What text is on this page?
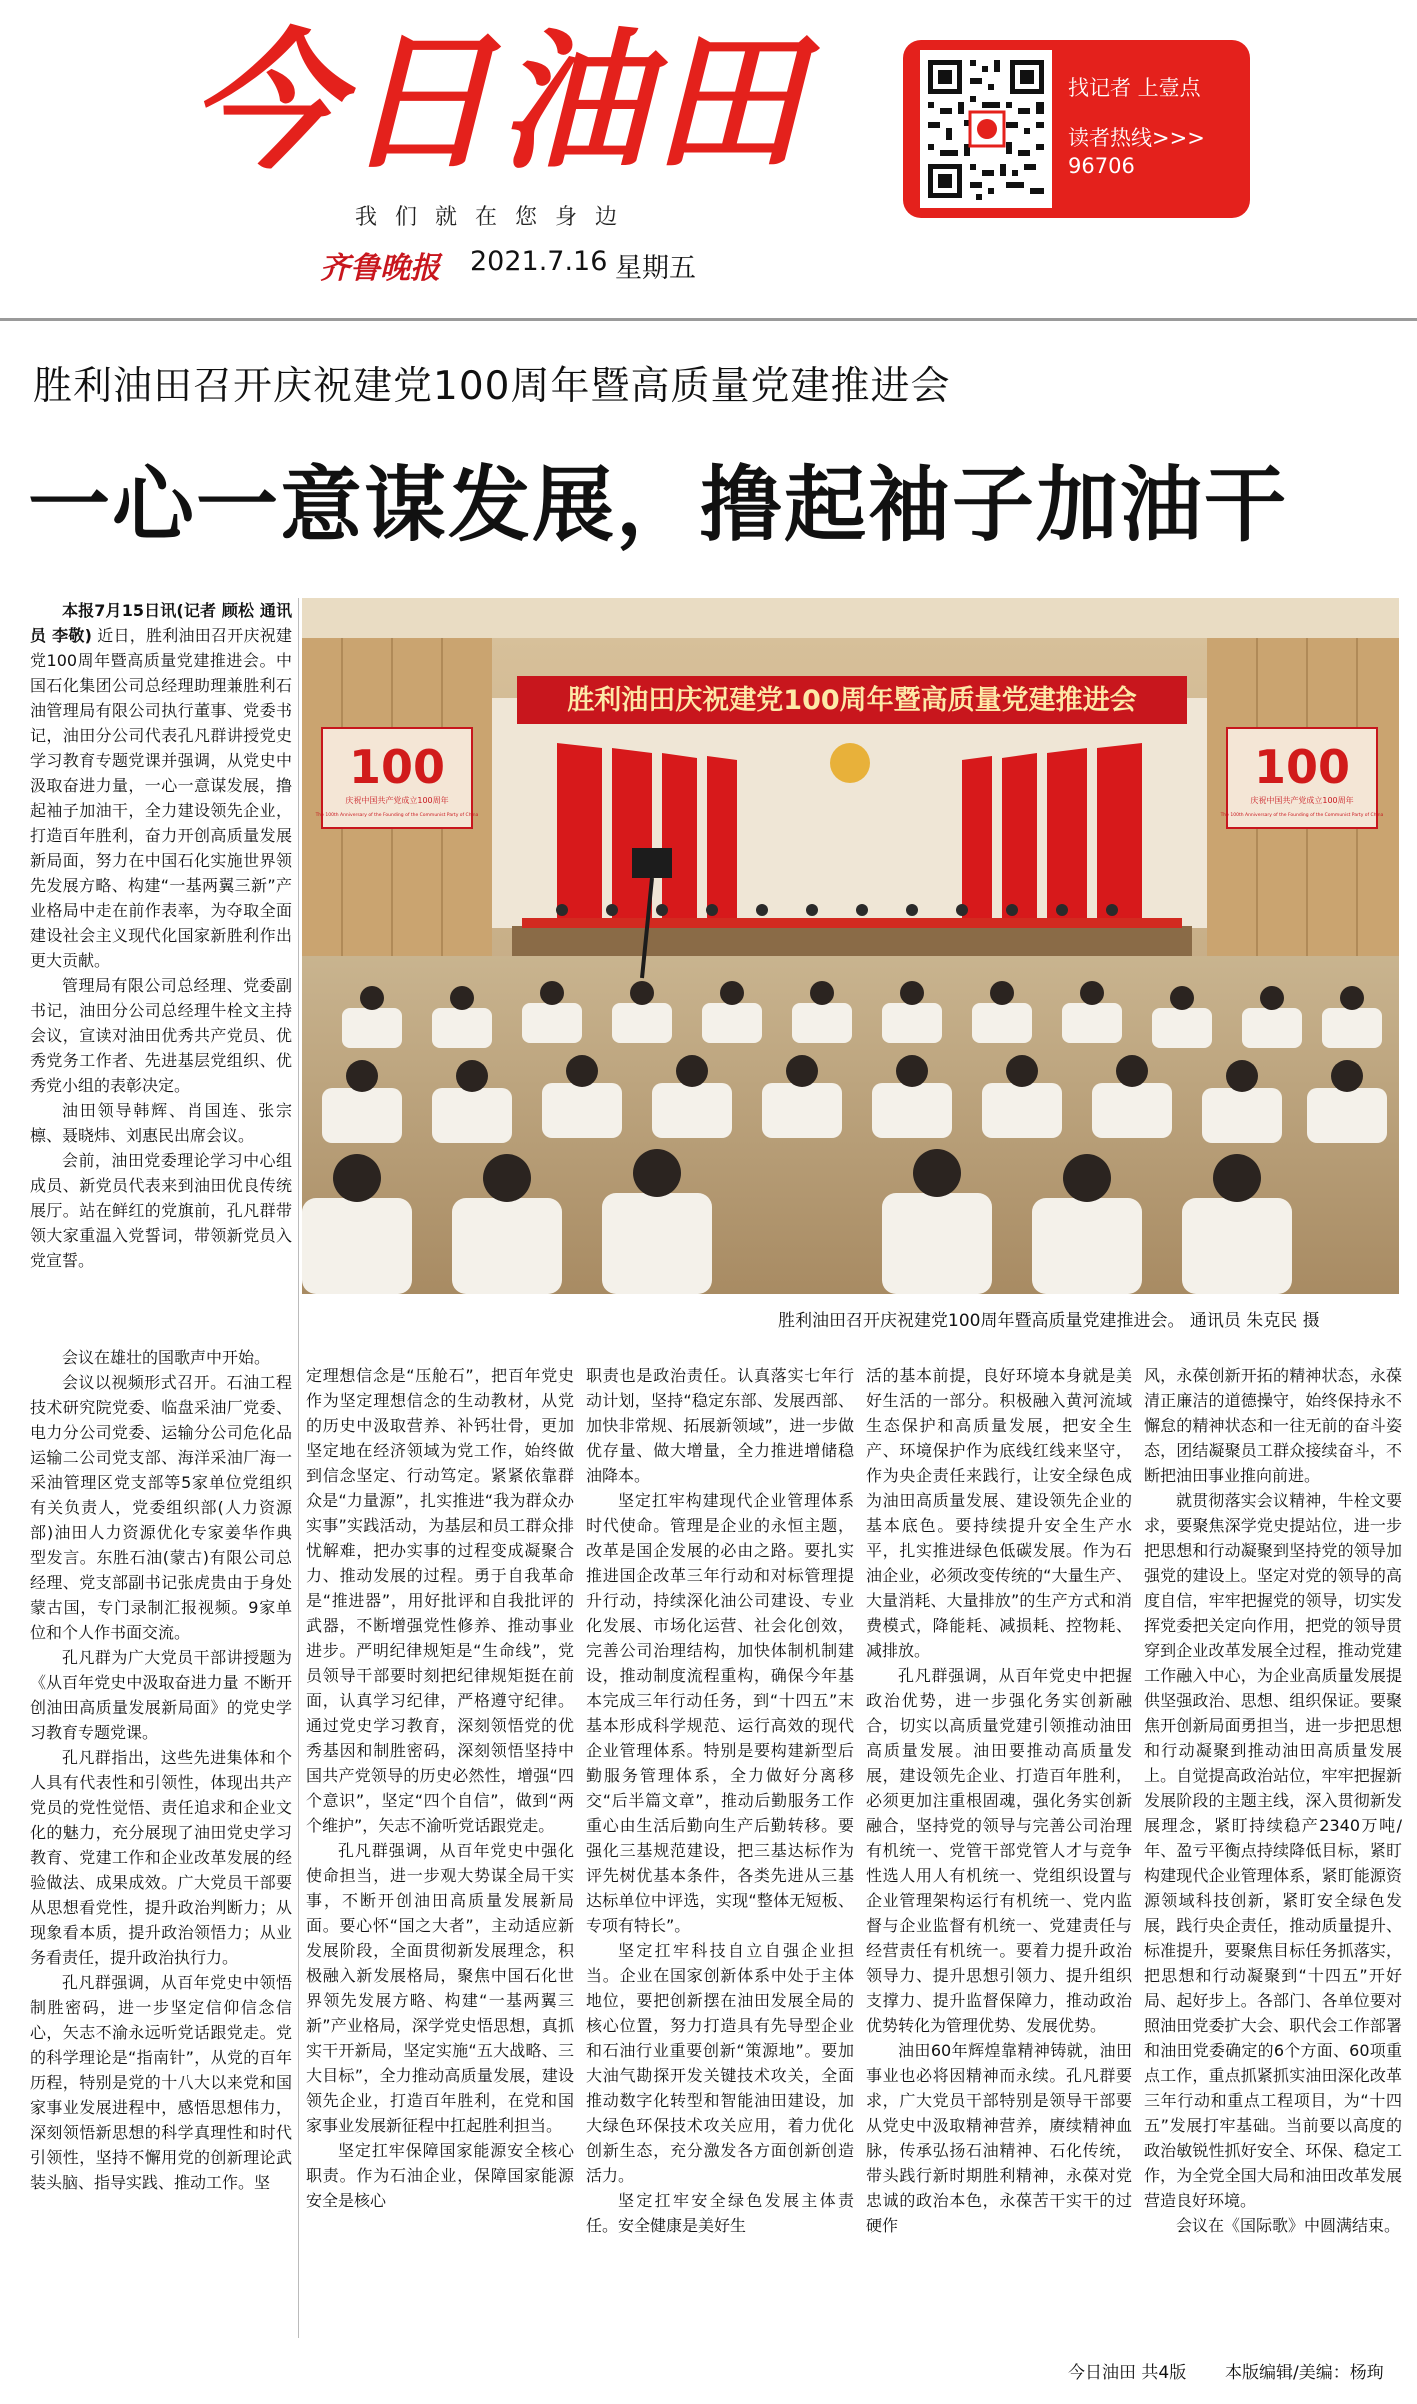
今日油田
我们就在您身边
齐鲁晚报 2021.7.16 星期五
找记者 上壹点
读者热线>>>
96706
胜利油田召开庆祝建党100周年暨高质量党建推进会
一心一意谋发展，撸起袖子加油干
100
庆祝中国共产党成立100周年
The 100th Anniversary of the Founding of the Communist Party of China
100
庆祝中国共产党成立100周年
The 100th Anniversary of the Founding of the Communist Party of China
胜利油田庆祝建党100周年暨高质量党建推进会
胜利油田召开庆祝建党100周年暨高质量党建推进会。 通讯员 朱克民 摄

本报7月15日讯(记者 顾松 通讯员 李敬) 近日，胜利油田召开庆祝建党100周年暨高质量党建推进会。中国石化集团公司总经理助理兼胜利石油管理局有限公司执行董事、党委书记，油田分公司代表孔凡群讲授党史学习教育专题党课并强调，从党史中汲取奋进力量，一心一意谋发展，撸起袖子加油干，全力建设领先企业，打造百年胜利，奋力开创高质量发展新局面，努力在中国石化实施世界领先发展方略、构建“一基两翼三新”产业格局中走在前作表率，为夺取全面建设社会主义现代化国家新胜利作出更大贡献。

管理局有限公司总经理、党委副书记，油田分公司总经理牛栓文主持会议，宣读对油田优秀共产党员、优秀党务工作者、先进基层党组织、优秀党小组的表彰决定。

油田领导韩辉、肖国连、张宗檩、聂晓炜、刘惠民出席会议。

会前，油田党委理论学习中心组成员、新党员代表来到油田优良传统展厅。站在鲜红的党旗前，孔凡群带领大家重温入党誓词，带领新党员入党宣誓。

会议在雄壮的国歌声中开始。

会议以视频形式召开。石油工程技术研究院党委、临盘采油厂党委、电力分公司党委、运输分公司危化品运输二公司党支部、海洋采油厂海一采油管理区党支部等5家单位党组织有关负责人，党委组织部(人力资源部)油田人力资源优化专家姜华作典型发言。东胜石油(蒙古)有限公司总经理、党支部副书记张虎贵由于身处蒙古国，专门录制汇报视频。9家单位和个人作书面交流。

孔凡群为广大党员干部讲授题为《从百年党史中汲取奋进力量 不断开创油田高质量发展新局面》的党史学习教育专题党课。

孔凡群指出，这些先进集体和个人具有代表性和引领性，体现出共产党员的党性觉悟、责任追求和企业文化的魅力，充分展现了油田党史学习教育、党建工作和企业改革发展的经验做法、成果成效。广大党员干部要从思想看党性，提升政治判断力；从现象看本质，提升政治领悟力；从业务看责任，提升政治执行力。

孔凡群强调，从百年党史中领悟制胜密码，进一步坚定信仰信念信心，矢志不渝永远听党话跟党走。党的科学理论是“指南针”，从党的百年历程，特别是党的十八大以来党和国家事业发展进程中，感悟思想伟力，深刻领悟新思想的科学真理性和时代引领性，坚持不懈用党的创新理论武装头脑、指导实践、推动工作。坚

定理想信念是“压舱石”，把百年党史作为坚定理想信念的生动教材，从党的历史中汲取营养、补钙壮骨，更加坚定地在经济领域为党工作，始终做到信念坚定、行动笃定。紧紧依靠群众是“力量源”，扎实推进“我为群众办实事”实践活动，为基层和员工群众排忧解难，把办实事的过程变成凝聚合力、推动发展的过程。勇于自我革命是“推进器”，用好批评和自我批评的武器，不断增强党性修养、推动事业进步。严明纪律规矩是“生命线”，党员领导干部要时刻把纪律规矩挺在前面，认真学习纪律，严格遵守纪律。通过党史学习教育，深刻领悟党的优秀基因和制胜密码，深刻领悟坚持中国共产党领导的历史必然性，增强“四个意识”，坚定“四个自信”，做到“两个维护”，矢志不渝听党话跟党走。

孔凡群强调，从百年党史中强化使命担当，进一步观大势谋全局干实事，不断开创油田高质量发展新局面。要心怀“国之大者”，主动适应新发展阶段，全面贯彻新发展理念，积极融入新发展格局，聚焦中国石化世界领先发展方略、构建“一基两翼三新”产业格局，深学党史悟思想，真抓实干开新局，坚定实施“五大战略、三大目标”，全力推动高质量发展，建设领先企业，打造百年胜利，在党和国家事业发展新征程中扛起胜利担当。

坚定扛牢保障国家能源安全核心职责。作为石油企业，保障国家能源安全是核心

职责也是政治责任。认真落实七年行动计划，坚持“稳定东部、发展西部、加快非常规、拓展新领域”，进一步做优存量、做大增量，全力推进增储稳油降本。

坚定扛牢构建现代企业管理体系时代使命。管理是企业的永恒主题，改革是国企发展的必由之路。要扎实推进国企改革三年行动和对标管理提升行动，持续深化油公司建设、专业化发展、市场化运营、社会化创效，完善公司治理结构，加快体制机制建设，推动制度流程重构，确保今年基本完成三年行动任务，到“十四五”末基本形成科学规范、运行高效的现代企业管理体系。特别是要构建新型后勤服务管理体系，全力做好分离移交“后半篇文章”，推动后勤服务工作重心由生活后勤向生产后勤转移。要强化三基规范建设，把三基达标作为评先树优基本条件，各类先进从三基达标单位中评选，实现“整体无短板、专项有特长”。

坚定扛牢科技自立自强企业担当。企业在国家创新体系中处于主体地位，要把创新摆在油田发展全局的核心位置，努力打造具有先导型企业和石油行业重要创新“策源地”。要加大油气勘探开发关键技术攻关，全面推动数字化转型和智能油田建设，加大绿色环保技术攻关应用，着力优化创新生态，充分激发各方面创新创造活力。

坚定扛牢安全绿色发展主体责任。安全健康是美好生

活的基本前提，良好环境本身就是美好生活的一部分。积极融入黄河流域生态保护和高质量发展，把安全生产、环境保护作为底线红线来坚守，作为央企责任来践行，让安全绿色成为油田高质量发展、建设领先企业的基本底色。要持续提升安全生产水平，扎实推进绿色低碳发展。作为石油企业，必须改变传统的“大量生产、大量消耗、大量排放”的生产方式和消费模式，降能耗、减损耗、控物耗、减排放。

孔凡群强调，从百年党史中把握政治优势，进一步强化务实创新融合，切实以高质量党建引领推动油田高质量发展。油田要推动高质量发展，建设领先企业、打造百年胜利，必须更加注重根固魂，强化务实创新融合，坚持党的领导与完善公司治理有机统一、党管干部党管人才与竞争性选人用人有机统一、党组织设置与企业管理架构运行有机统一、党内监督与企业监督有机统一、党建责任与经营责任有机统一。要着力提升政治领导力、提升思想引领力、提升组织支撑力、提升监督保障力，推动政治优势转化为管理优势、发展优势。

油田60年辉煌靠精神铸就，油田事业也必将因精神而永续。孔凡群要求，广大党员干部特别是领导干部要从党史中汲取精神营养，赓续精神血脉，传承弘扬石油精神、石化传统，带头践行新时期胜利精神，永葆对党忠诚的政治本色，永葆苦干实干的过硬作

风，永葆创新开拓的精神状态，永葆清正廉洁的道德操守，始终保持永不懈怠的精神状态和一往无前的奋斗姿态，团结凝聚员工群众接续奋斗，不断把油田事业推向前进。

就贯彻落实会议精神，牛栓文要求，要聚焦深学党史提站位，进一步把思想和行动凝聚到坚持党的领导加强党的建设上。坚定对党的领导的高度自信，牢牢把握党的领导，切实发挥党委把关定向作用，把党的领导贯穿到企业改革发展全过程，推动党建工作融入中心，为企业高质量发展提供坚强政治、思想、组织保证。要聚焦开创新局面勇担当，进一步把思想和行动凝聚到推动油田高质量发展上。自觉提高政治站位，牢牢把握新发展阶段的主题主线，深入贯彻新发展理念，紧盯持续稳产2340万吨/年、盈亏平衡点持续降低目标，紧盯构建现代企业管理体系，紧盯能源资源领域科技创新，紧盯安全绿色发展，践行央企责任，推动质量提升、标准提升，要聚焦目标任务抓落实，把思想和行动凝聚到“十四五”开好局、起好步上。各部门、各单位要对照油田党委扩大会、职代会工作部署和油田党委确定的6个方面、60项重点工作，重点抓紧抓实油田深化改革三年行动和重点工程项目，为“十四五”发展打牢基础。当前要以高度的政治敏锐性抓好安全、环保、稳定工作，为全党全国大局和油田改革发展营造良好环境。

会议在《国际歌》中圆满结束。

今日油田 共4版 本版编辑/美编：杨珣
